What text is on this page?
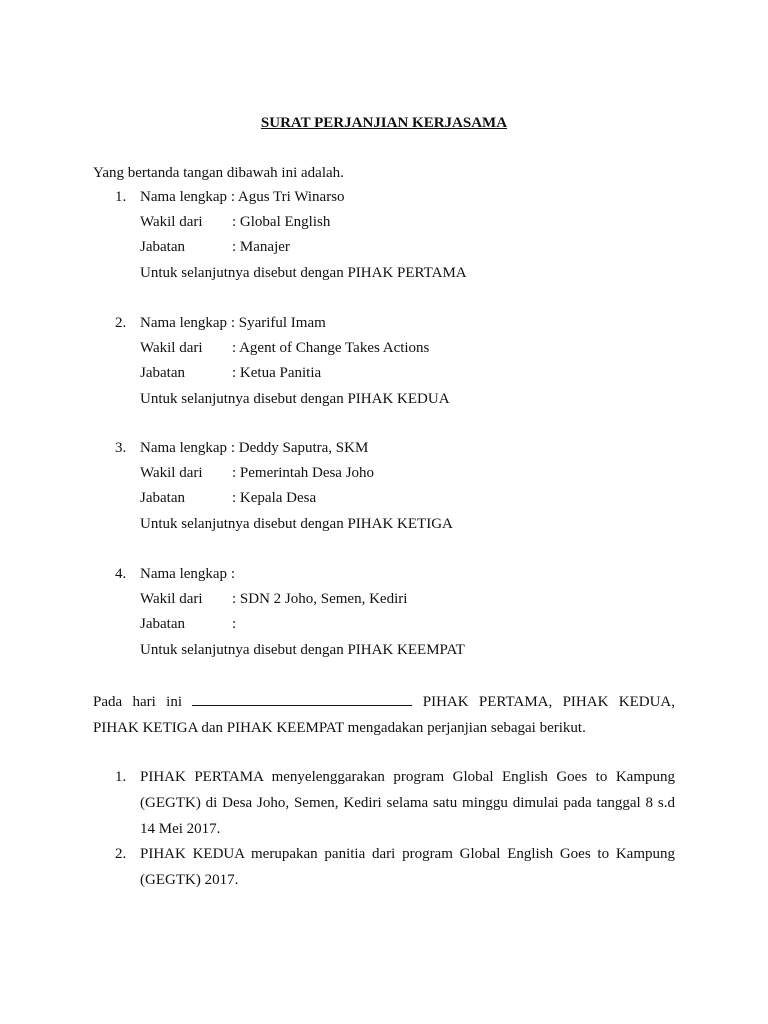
SURAT PERJANJIAN KERJASAMA
Yang bertanda tangan dibawah ini adalah.
1. Nama lengkap : Agus Tri Winarso
Wakil dari : Global English
Jabatan	: Manajer
Untuk selanjutnya disebut dengan PIHAK PERTAMA
2. Nama lengkap : Syariful Imam
Wakil dari : Agent of Change Takes Actions
Jabatan	: Ketua Panitia
Untuk selanjutnya disebut dengan PIHAK KEDUA
3. Nama lengkap : Deddy Saputra, SKM
Wakil dari : Pemerintah Desa Joho
Jabatan	: Kepala Desa
Untuk selanjutnya disebut dengan PIHAK KETIGA
4. Nama lengkap :
Wakil dari : SDN 2 Joho, Semen, Kediri
Jabatan	:
Untuk selanjutnya disebut dengan PIHAK KEEMPAT
Pada hari ini	PIHAK PERTAMA, PIHAK KEDUA, PIHAK KETIGA dan PIHAK KEEMPAT mengadakan perjanjian sebagai berikut.
1. PIHAK PERTAMA menyelenggarakan program Global English Goes to Kampung (GEGTK) di Desa Joho, Semen, Kediri selama satu minggu dimulai pada tanggal 8 s.d 14 Mei 2017.
2. PIHAK KEDUA merupakan panitia dari program Global English Goes to Kampung (GEGTK) 2017.
